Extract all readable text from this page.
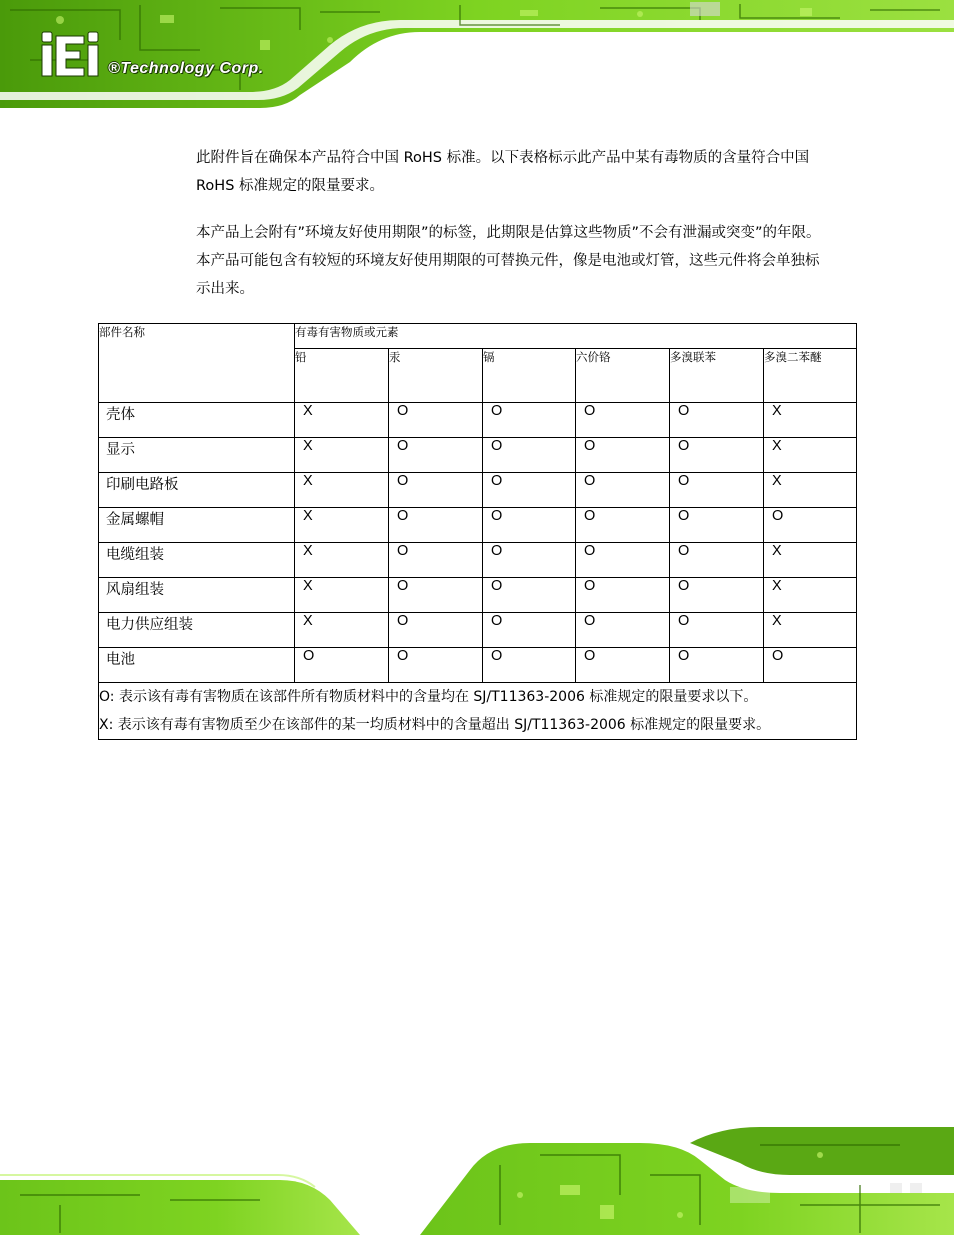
®Technology Corp.

此附件旨在确保本产品符合中国 RoHS 标准。以下表格标示此产品中某有毒物质的含量符合中国 RoHS 标准规定的限量要求。

本产品上会附有”环境友好使用期限”的标签，此期限是估算这些物质”不会有泄漏或突变”的年限。本产品可能包含有较短的环境友好使用期限的可替换元件，像是电池或灯管，这些元件将会单独标示出来。

部件名称	有毒有害物质或元素					
	铅	汞	镉	六价铬	多溴联苯	多溴二苯醚
壳体	X	O	O	O	O	X
显示	X	O	O	O	O	X
印刷电路板	X	O	O	O	O	X
金属螺帽	X	O	O	O	O	O
电缆组装	X	O	O	O	O	X
风扇组装	X	O	O	O	O	X
电力供应组装	X	O	O	O	O	X
电池	O	O	O	O	O	O

O: 表示该有毒有害物质在该部件所有物质材料中的含量均在 SJ/T11363-2006 标准规定的限量要求以下。
X: 表示该有毒有害物质至少在该部件的某一均质材料中的含量超出 SJ/T11363-2006 标准规定的限量要求。						
